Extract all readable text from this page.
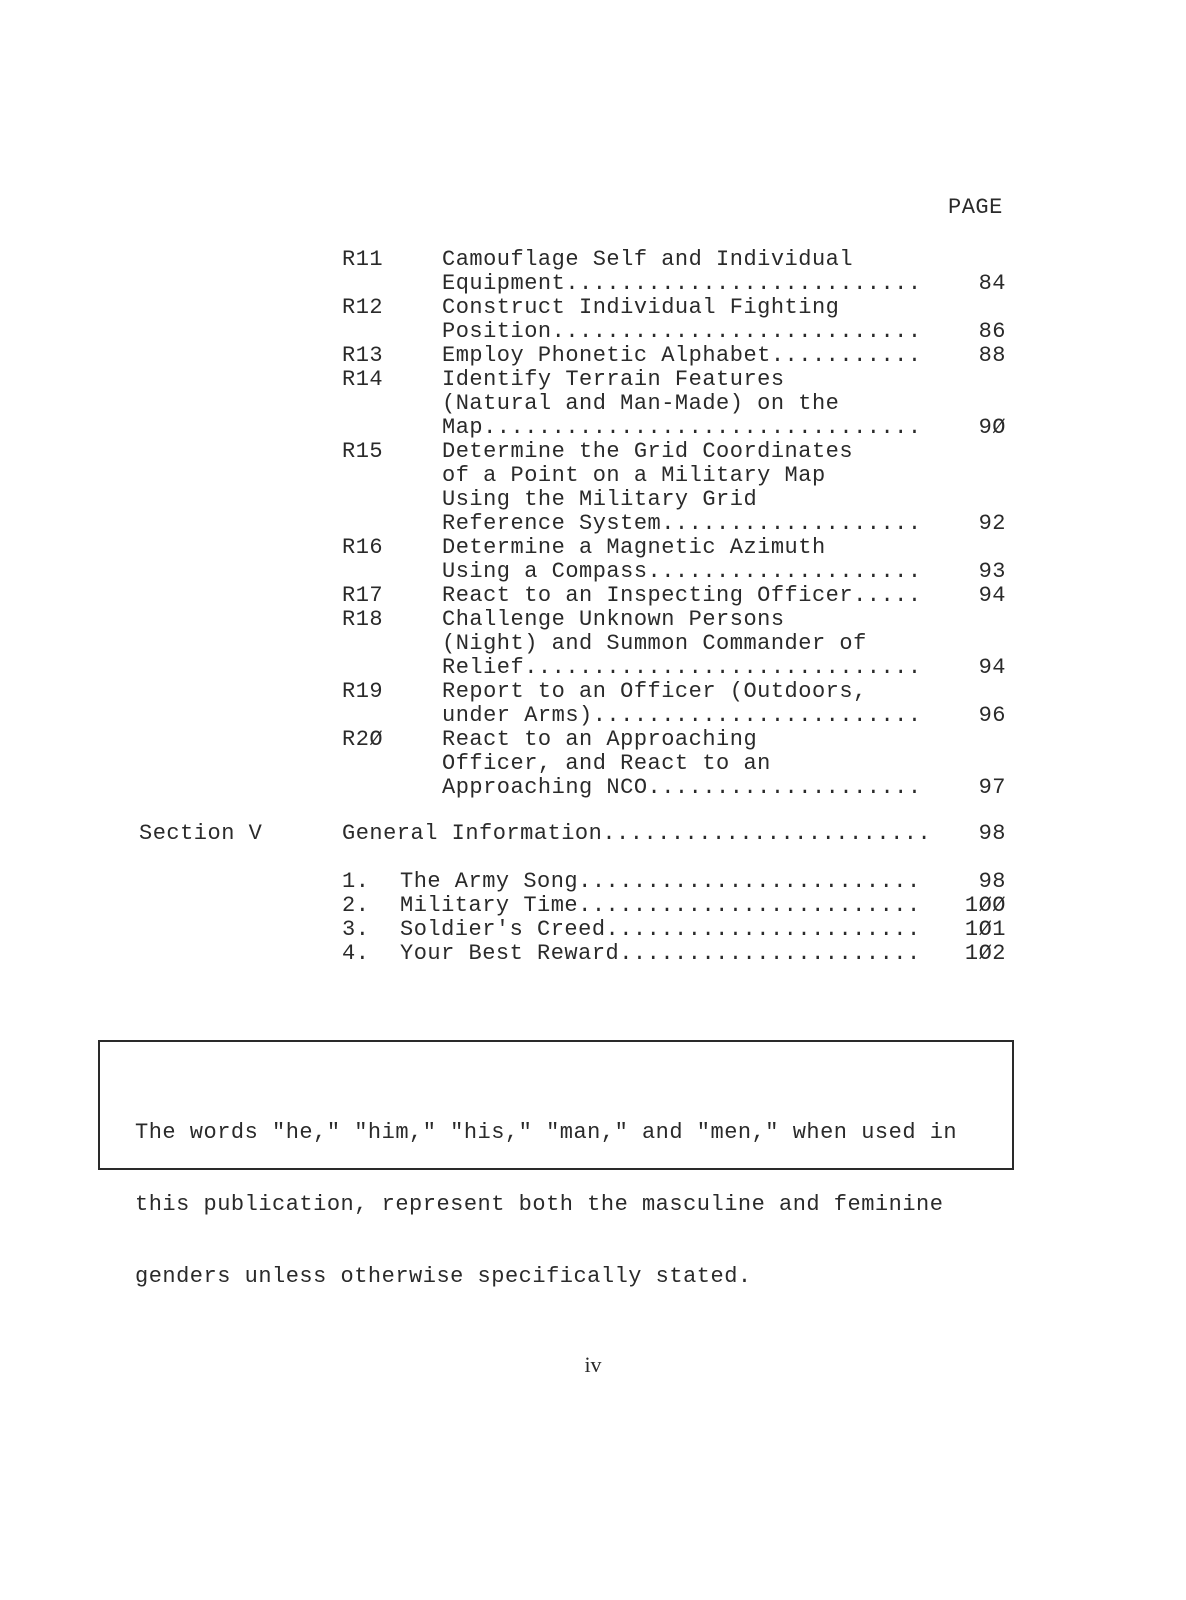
PAGE
R11	Camouflage Self and Individual
Equipment..........................	84
R12	Construct Individual Fighting
Position...........................	86
R13	Employ Phonetic Alphabet...........	88
R14	Identify Terrain Features
(Natural and Man-Made) on the
Map................................	9Ø
R15	Determine the Grid Coordinates
of a Point on a Military Map
Using the Military Grid
Reference System...................	92
R16	Determine a Magnetic Azimuth
Using a Compass....................	93
R17	React to an Inspecting Officer.....	94
R18	Challenge Unknown Persons
(Night) and Summon Commander of
Relief.............................	94
R19	Report to an Officer (Outdoors,
under Arms)........................	96
R2Ø	React to an Approaching
Officer, and React to an
Approaching NCO....................	97
Section V	General Information........................ 98
1. The Army Song.........................	98
2. Military Time......................... 1ØØ
3. Soldier's Creed....................... 1Ø1
4. Your Best Reward...................... 1Ø2

The words "he," "him," "his," "man," and "men," when used in

this publication, represent both the masculine and feminine

genders unless otherwise specifically stated.

iv
